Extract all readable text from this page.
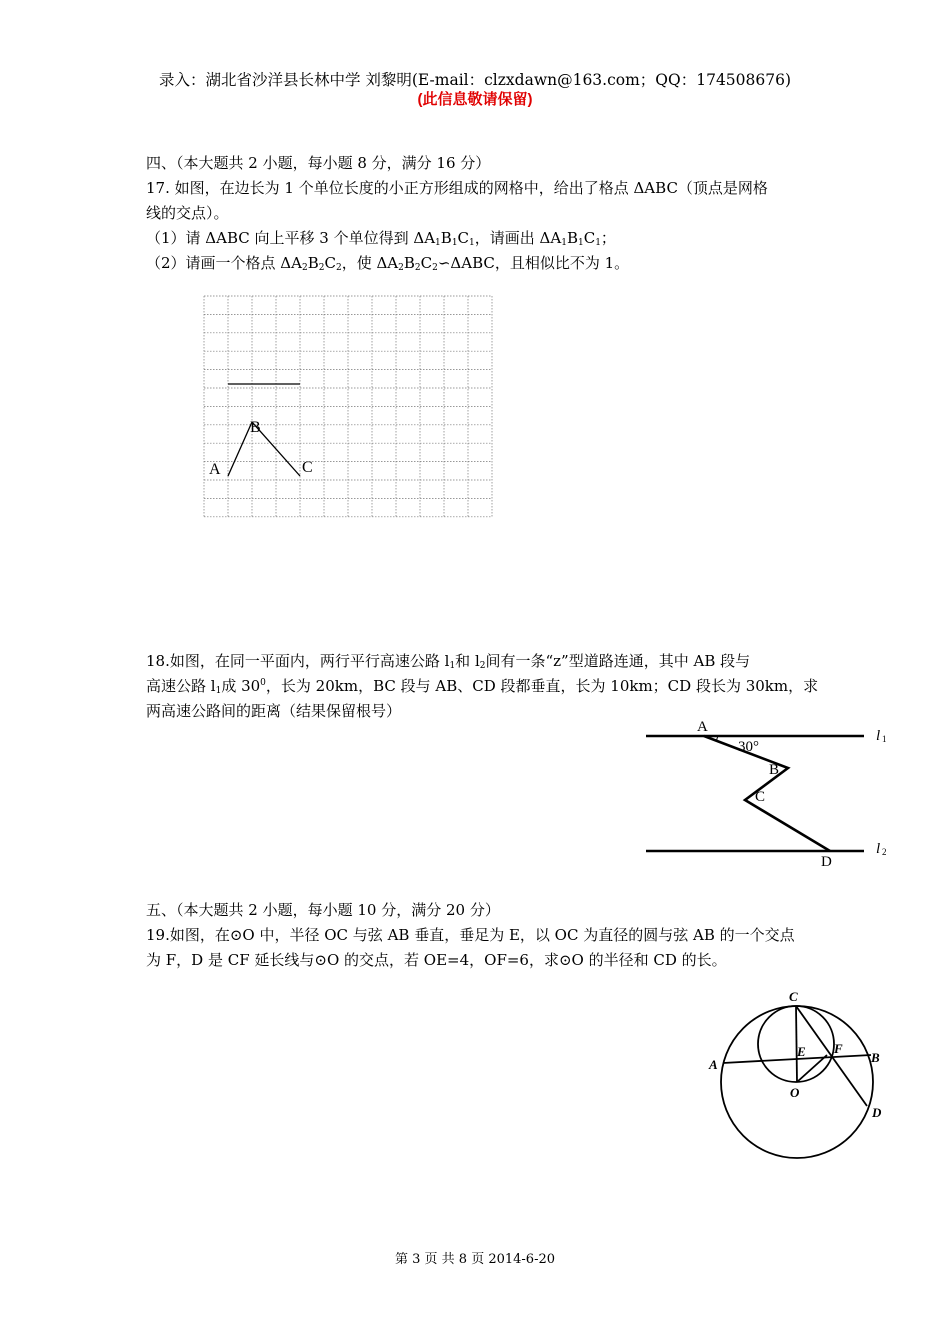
录入：湖北省沙洋县长林中学 刘黎明(E-mail：clzxdawn@163.com；QQ：174508676)
(此信息敬请保留)
四、（本大题共 2 小题，每小题 8 分，满分 16 分）
17. 如图，在边长为 1 个单位长度的小正方形组成的网格中，给出了格点 ΔABC（顶点是网格
线的交点）。
（1）请 ΔABC 向上平移 3 个单位得到 $\Delta A_1B_1C_1$，请画出 $\Delta A_1B_1C_1$；
（2）请画一个格点 $\Delta A_2B_2C_2$，使 $\Delta A_2B_2C_2∽\Delta ABC$，且相似比不为 1。
A
B
C
18.如图，在同一平面内，两行平行高速公路 $l_1$和 $l_2$间有一条“z”型道路连通，其中 AB 段与
高速公路 $l_1$成 $30^0$，长为 20km，BC 段与 AB、CD 段都垂直，长为 10km；CD 段长为 30km，求
两高速公路间的距离（结果保留根号）
A
30°
B
C
D
l 1
l 2
五、（本大题共 2 小题，每小题 10 分，满分 20 分）
19.如图，在⊙O 中，半径 OC 与弦 AB 垂直，垂足为 E，以 OC 为直径的圆与弦 AB 的一个交点
为 F，D 是 CF 延长线与⊙O 的交点，若 OE=4，OF=6，求⊙O 的半径和 CD 的长。
C
A
E F
B
O
D
第 3 页 共 8 页 2014-6-20
